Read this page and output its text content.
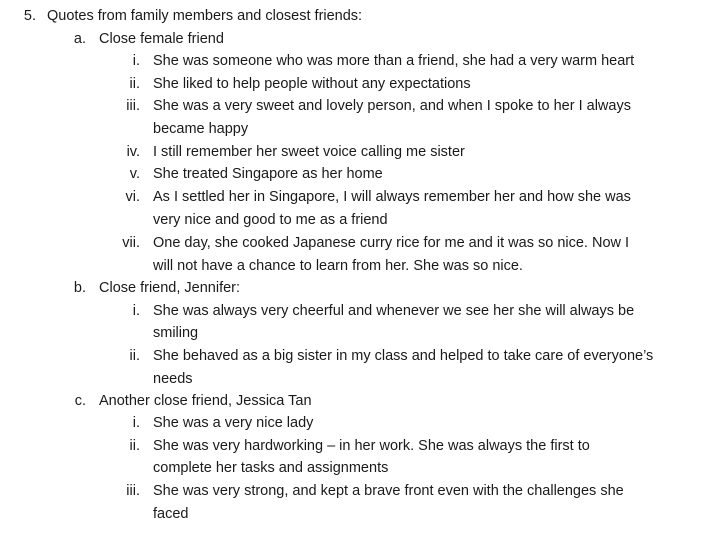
5. Quotes from family members and closest friends:
a. Close female friend
i. She was someone who was more than a friend, she had a very warm heart
ii. She liked to help people without any expectations
iii. She was a very sweet and lovely person, and when I spoke to her I always
became happy
iv. I still remember her sweet voice calling me sister
v. She treated Singapore as her home
vi. As I settled her in Singapore, I will always remember her and how she was
very nice and good to me as a friend
vii. One day, she cooked Japanese curry rice for me and it was so nice. Now I
will not have a chance to learn from her. She was so nice.
b. Close friend, Jennifer:
i. She was always very cheerful and whenever we see her she will always be
smiling
ii. She behaved as a big sister in my class and helped to take care of everyone’s
needs
c. Another close friend, Jessica Tan
i. She was a very nice lady
ii. She was very hardworking – in her work. She was always the first to
complete her tasks and assignments
iii. She was very strong, and kept a brave front even with the challenges she
faced
